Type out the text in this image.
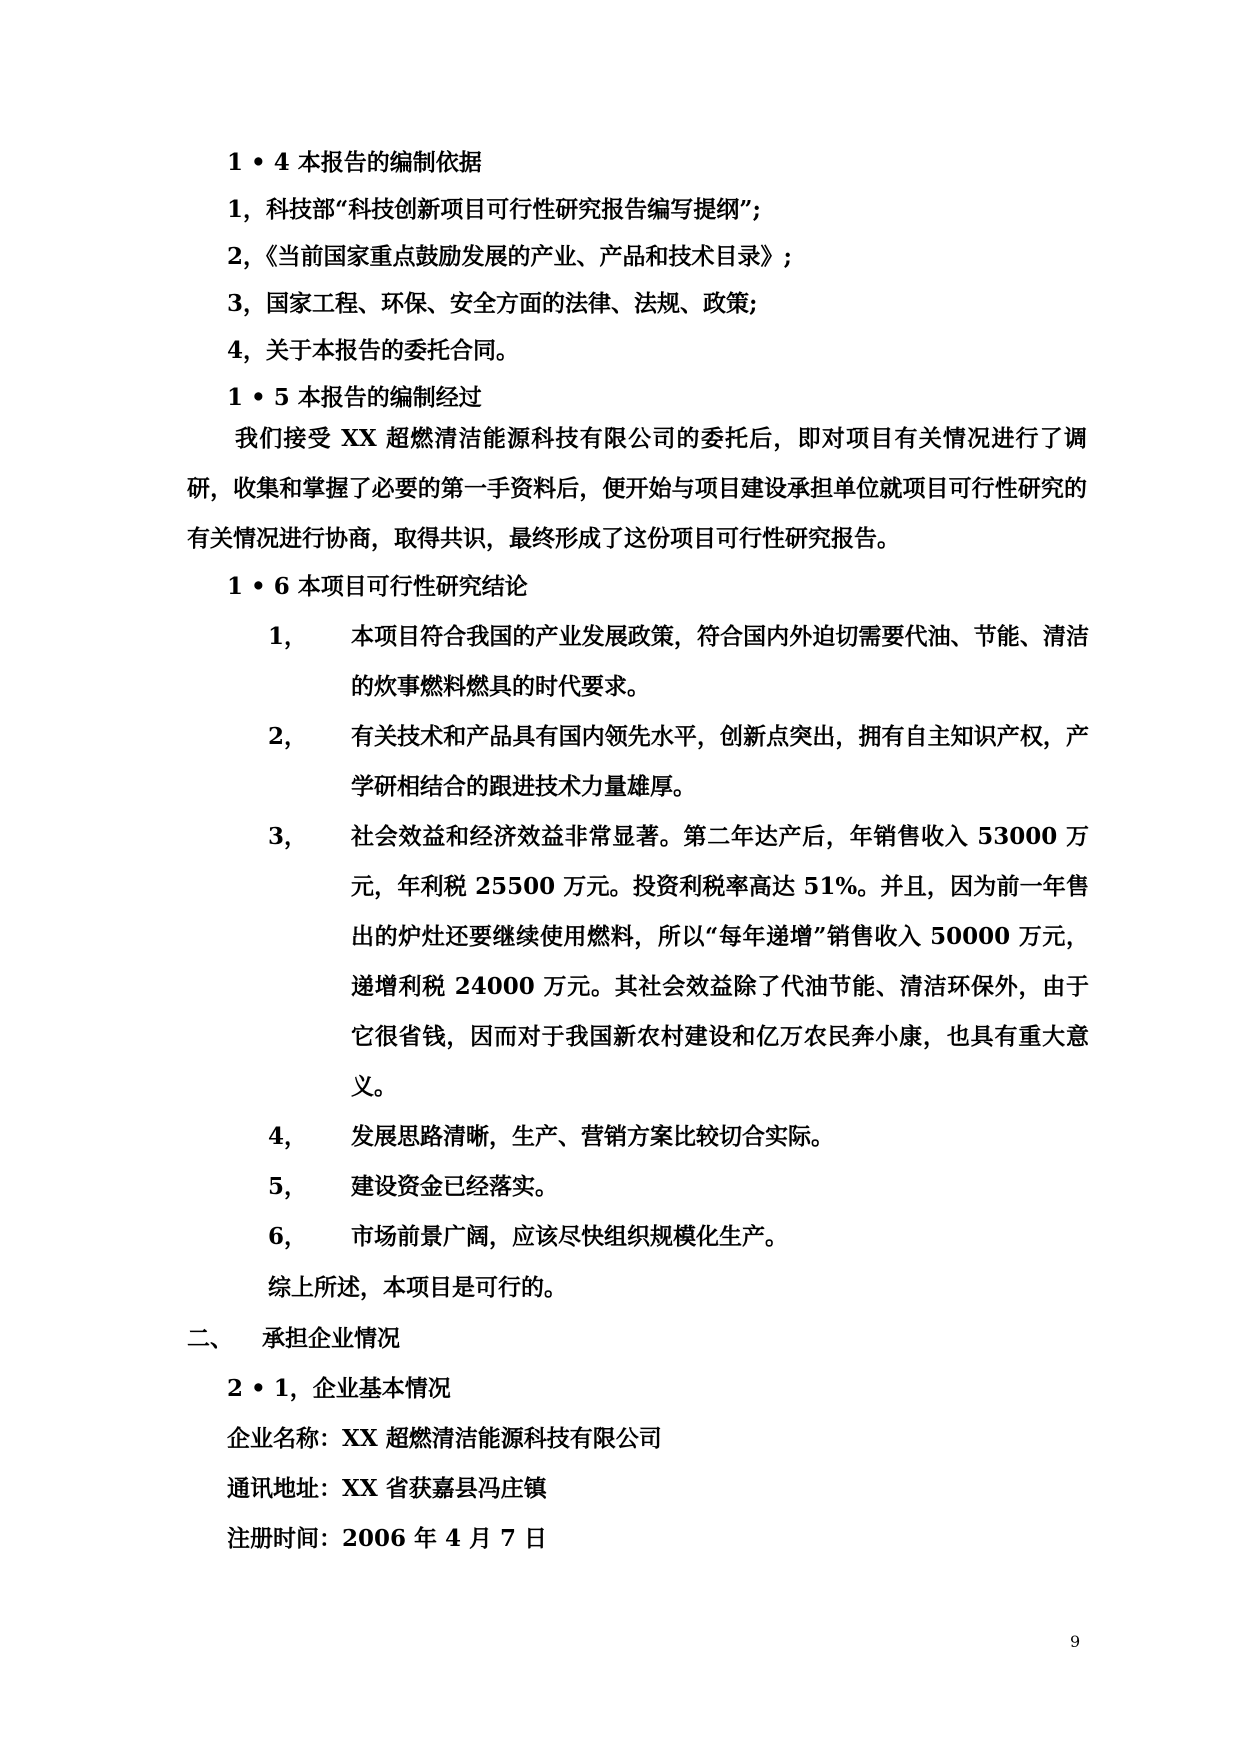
1 • 4 本报告的编制依据
1，科技部“科技创新项目可行性研究报告编写提纲”;
2，《当前国家重点鼓励发展的产业、产品和技术目录》;
3，国家工程、环保、安全方面的法律、法规、政策;
4，关于本报告的委托合同。
1 • 5 本报告的编制经过
我们接受 XX 超燃清洁能源科技有限公司的委托后，即对项目有关情况进行了调研，收集和掌握了必要的第一手资料后，便开始与项目建设承担单位就项目可行性研究的有关情况进行协商，取得共识，最终形成了这份项目可行性研究报告。
1 • 6 本项目可行性研究结论
1， 本项目符合我国的产业发展政策，符合国内外迫切需要代油、节能、清洁的炊事燃料燃具的时代要求。
2， 有关技术和产品具有国内领先水平，创新点突出，拥有自主知识产权，产学研相结合的跟进技术力量雄厚。
3， 社会效益和经济效益非常显著。第二年达产后，年销售收入 53000 万元，年利税 25500 万元。投资利税率高达 51%。并且，因为前一年售出的炉灶还要继续使用燃料，所以“每年递增”销售收入 50000 万元，递增利税 24000 万元。其社会效益除了代油节能、清洁环保外，由于它很省钱，因而对于我国新农村建设和亿万农民奔小康，也具有重大意义。
4， 发展思路清晰，生产、营销方案比较切合实际。
5， 建设资金已经落实。
6， 市场前景广阔，应该尽快组织规模化生产。
综上所述，本项目是可行的。
二、 承担企业情况
2 • 1，企业基本情况
企业名称：XX 超燃清洁能源科技有限公司
通讯地址：XX 省获嘉县冯庄镇
注册时间：2006 年 4 月 7 日
9
